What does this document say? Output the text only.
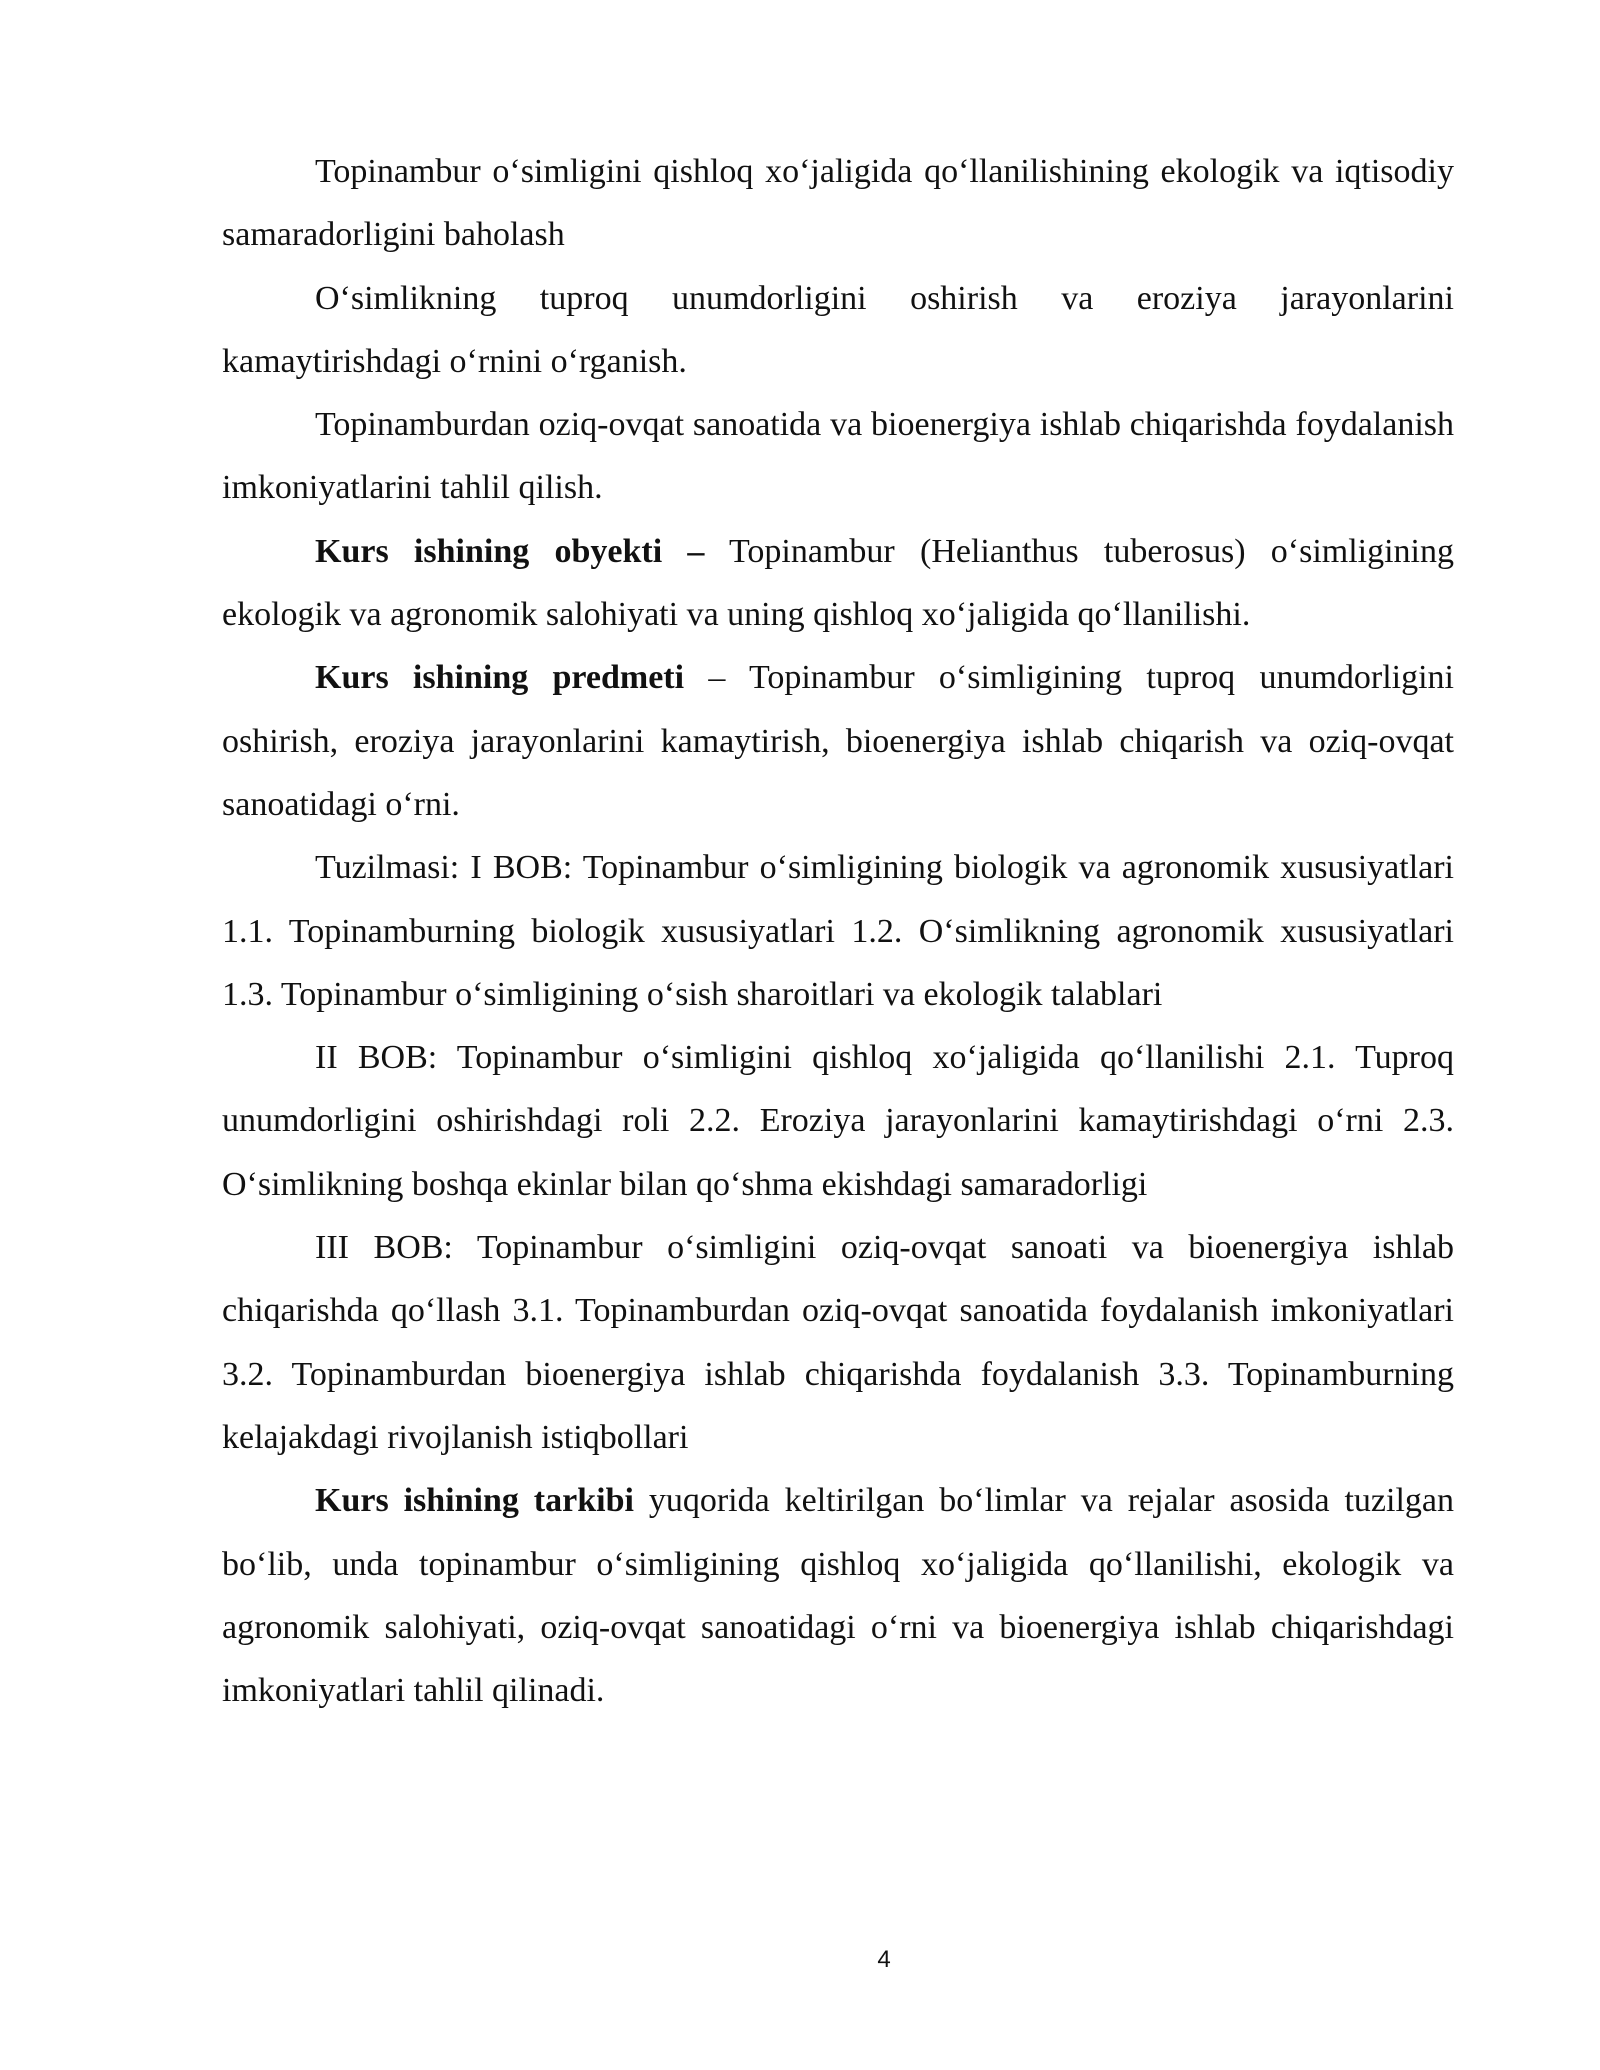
Topinambur o‘simligini qishloq xo‘jaligida qo‘llanilishining ekologik va iqtisodiy samaradorligini baholash

O‘simlikning tuproq unumdorligini oshirish va eroziya jarayonlarini kamaytirishdagi o‘rnini o‘rganish.

Topinamburdan oziq-ovqat sanoatida va bioenergiya ishlab chiqarishda foydalanish imkoniyatlarini tahlil qilish.

Kurs ishining obyekti – Topinambur (Helianthus tuberosus) o‘simligining ekologik va agronomik salohiyati va uning qishloq xo‘jaligida qo‘llanilishi.

Kurs ishining predmeti – Topinambur o‘simligining tuproq unumdorligini oshirish, eroziya jarayonlarini kamaytirish, bioenergiya ishlab chiqarish va oziq-ovqat sanoatidagi o‘rni.

Tuzilmasi: I BOB: Topinambur o‘simligining biologik va agronomik xususiyatlari 1.1. Topinamburning biologik xususiyatlari 1.2. O‘simlikning agronomik xususiyatlari 1.3. Topinambur o‘simligining o‘sish sharoitlari va ekologik talablari

II BOB: Topinambur o‘simligini qishloq xo‘jaligida qo‘llanilishi 2.1. Tuproq unumdorligini oshirishdagi roli 2.2. Eroziya jarayonlarini kamaytirishdagi o‘rni 2.3. O‘simlikning boshqa ekinlar bilan qo‘shma ekishdagi samaradorligi

III BOB: Topinambur o‘simligini oziq-ovqat sanoati va bioenergiya ishlab chiqarishda qo‘llash 3.1. Topinamburdan oziq-ovqat sanoatida foydalanish imkoniyatlari 3.2. Topinamburdan bioenergiya ishlab chiqarishda foydalanish 3.3. Topinamburning kelajakdagi rivojlanish istiqbollari

Kurs ishining tarkibi yuqorida keltirilgan bo‘limlar va rejalar asosida tuzilgan bo‘lib, unda topinambur o‘simligining qishloq xo‘jaligida qo‘llanilishi, ekologik va agronomik salohiyati, oziq-ovqat sanoatidagi o‘rni va bioenergiya ishlab chiqarishdagi imkoniyatlari tahlil qilinadi.

4
